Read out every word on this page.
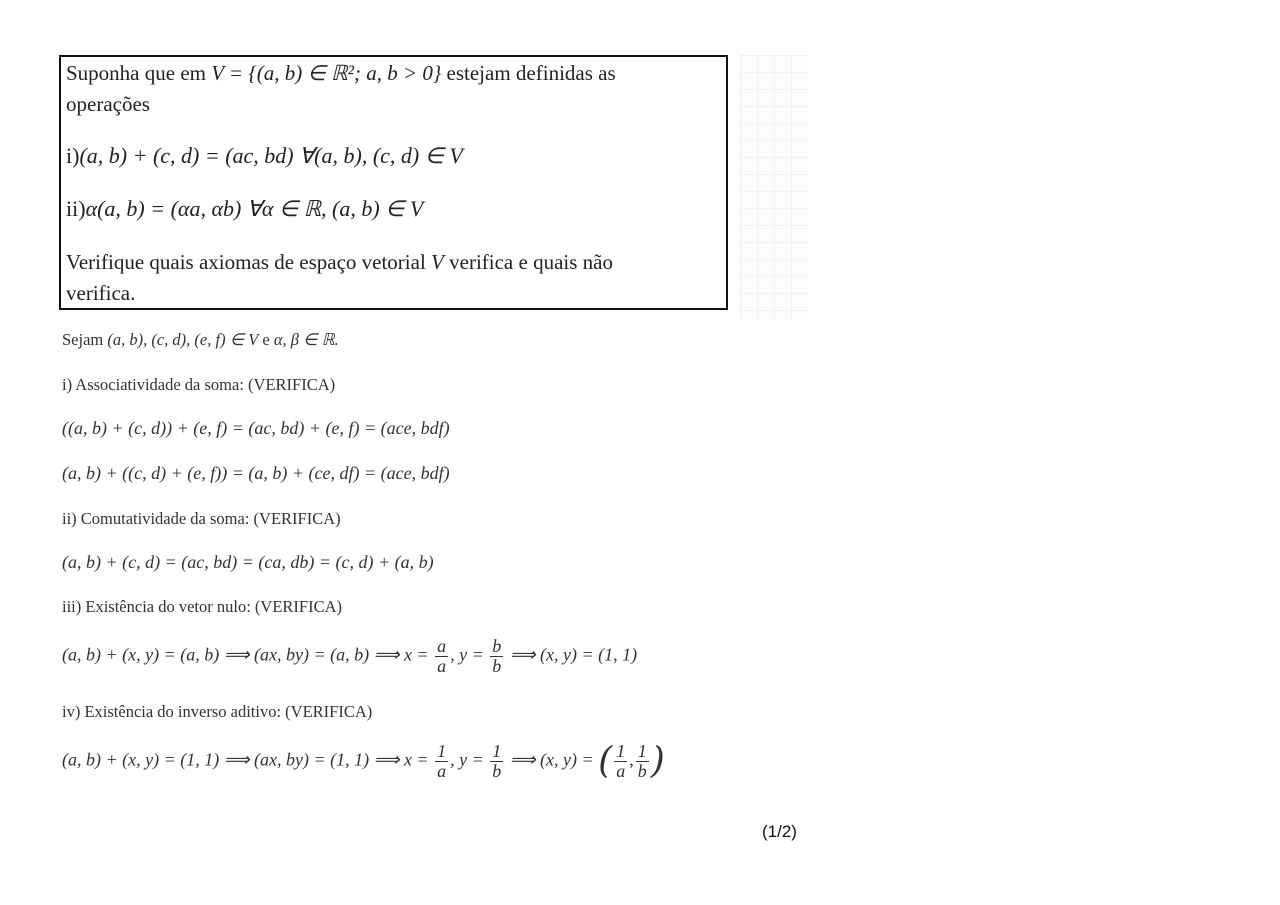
Suponha que em V = {(a, b) ∈ ℝ²; a, b > 0} estejam definidas as
operações
i)(a, b) + (c, d) = (ac, bd) ∀(a, b), (c, d) ∈ V
ii)α(a, b) = (αa, αb) ∀α ∈ ℝ, (a, b) ∈ V
Verifique quais axiomas de espaço vetorial V verifica e quais não
verifica.
Sejam (a, b), (c, d), (e, f) ∈ V e α, β ∈ ℝ.
i) Associatividade da soma: (VERIFICA)
((a, b) + (c, d)) + (e, f) = (ac, bd) + (e, f) = (ace, bdf)
(a, b) + ((c, d) + (e, f)) = (a, b) + (ce, df) = (ace, bdf)
ii) Comutatividade da soma: (VERIFICA)
(a, b) + (c, d) = (ac, bd) = (ca, db) = (c, d) + (a, b)
iii) Existência do vetor nulo: (VERIFICA)
(a, b) + (x, y) = (a, b) ⟹ (ax, by) = (a, b) ⟹ $x = \frac{a}{a}$ , $y = \frac{b}{b}$ ⟹ (x, y) = (1, 1)
iv) Existência do inverso aditivo: (VERIFICA)
(a, b) + (x, y) = (1, 1) ⟹ (ax, by) = (1, 1) ⟹ $x = \frac{1}{a}$ , $y = \frac{1}{b}$ ⟹ (x, y) = ( $\frac{1}{a}$ , $\frac{1}{b}$ )
(1/2)
